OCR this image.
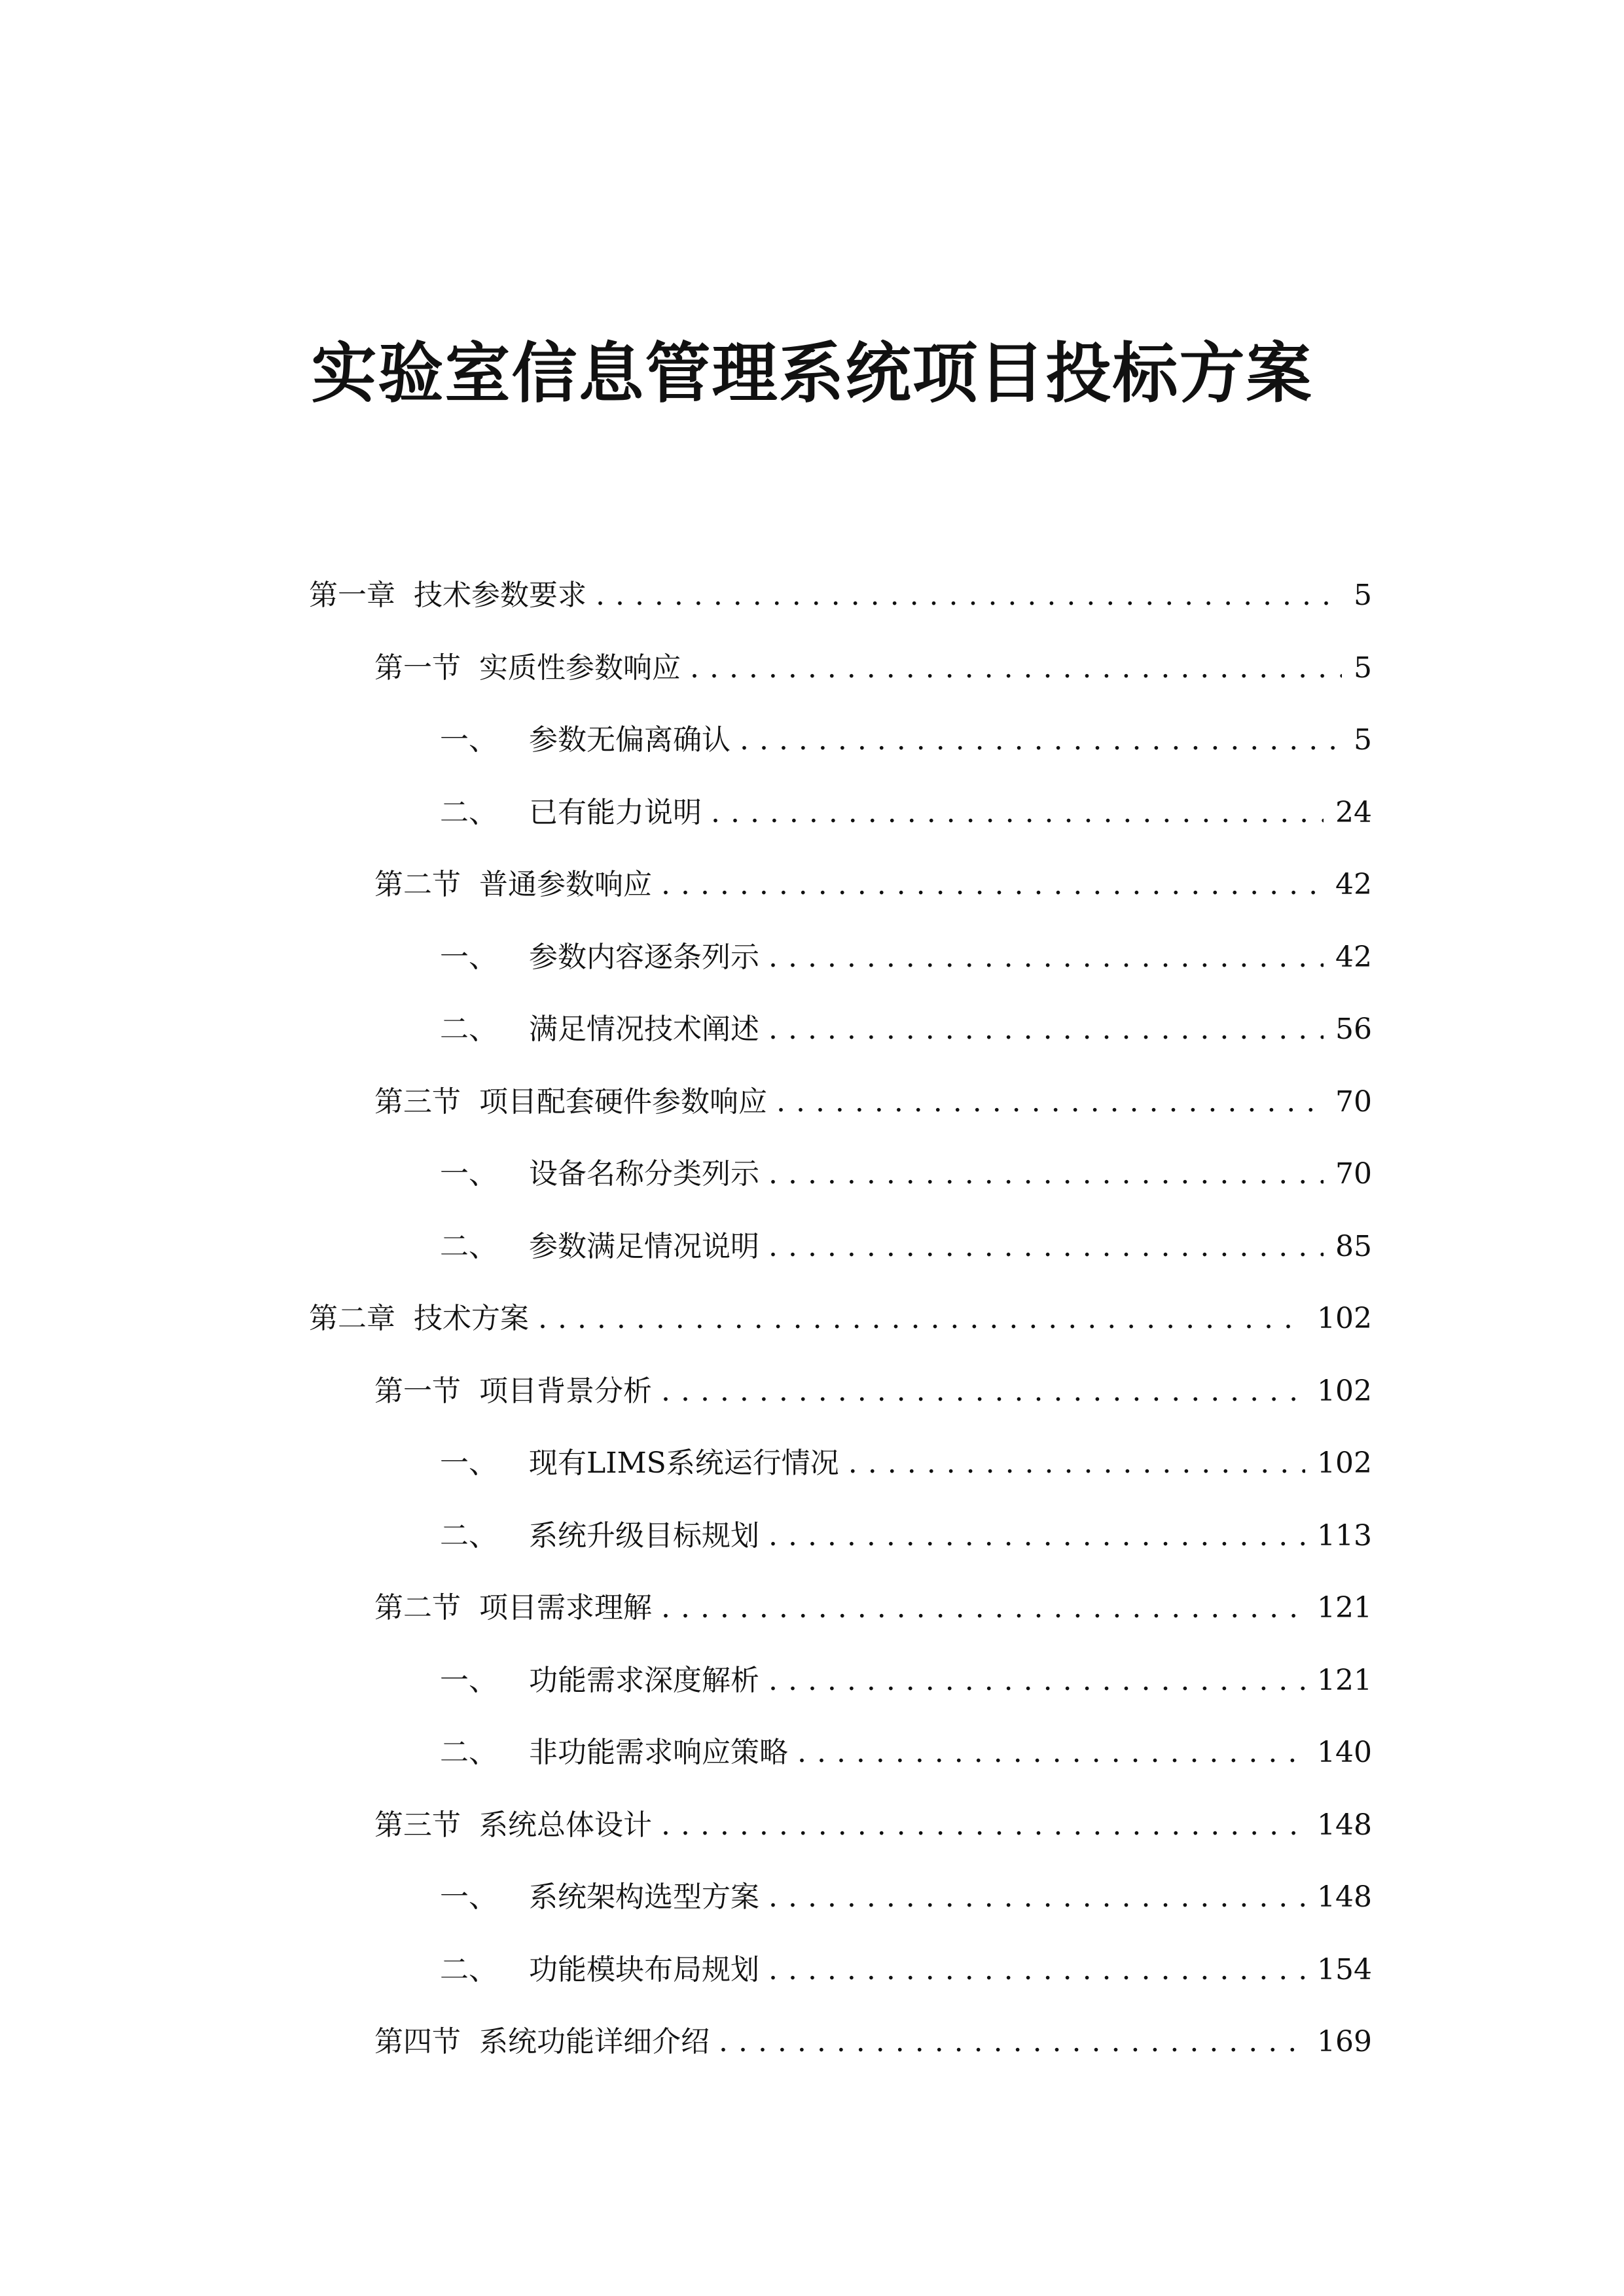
实验室信息管理系统项目投标方案
第一章 技术参数要求 . . .	5
第一节 实质性参数响应 . . .	5
一、 参数无偏离确认 . . .	5
二、 已有能力说明 . . .	24
第二节 普通参数响应 . . .	42
一、 参数内容逐条列示 . . .	42
二、 满足情况技术阐述 . . .	56
第三节 项目配套硬件参数响应 . . .	70
一、 设备名称分类列示 . . .	70
二、 参数满足情况说明 . . .	85
第二章 技术方案 . . .	102
第一节 项目背景分析 . . .	102
一、 现有LIMS系统运行情况 . . .	102
二、 系统升级目标规划 . . .	113
第二节 项目需求理解 . . .	121
一、 功能需求深度解析 . . .	121
二、 非功能需求响应策略 . . .	140
第三节 系统总体设计 . . .	148
一、 系统架构选型方案 . . .	148
二、 功能模块布局规划 . . .	154
第四节 系统功能详细介绍 . . .	169
